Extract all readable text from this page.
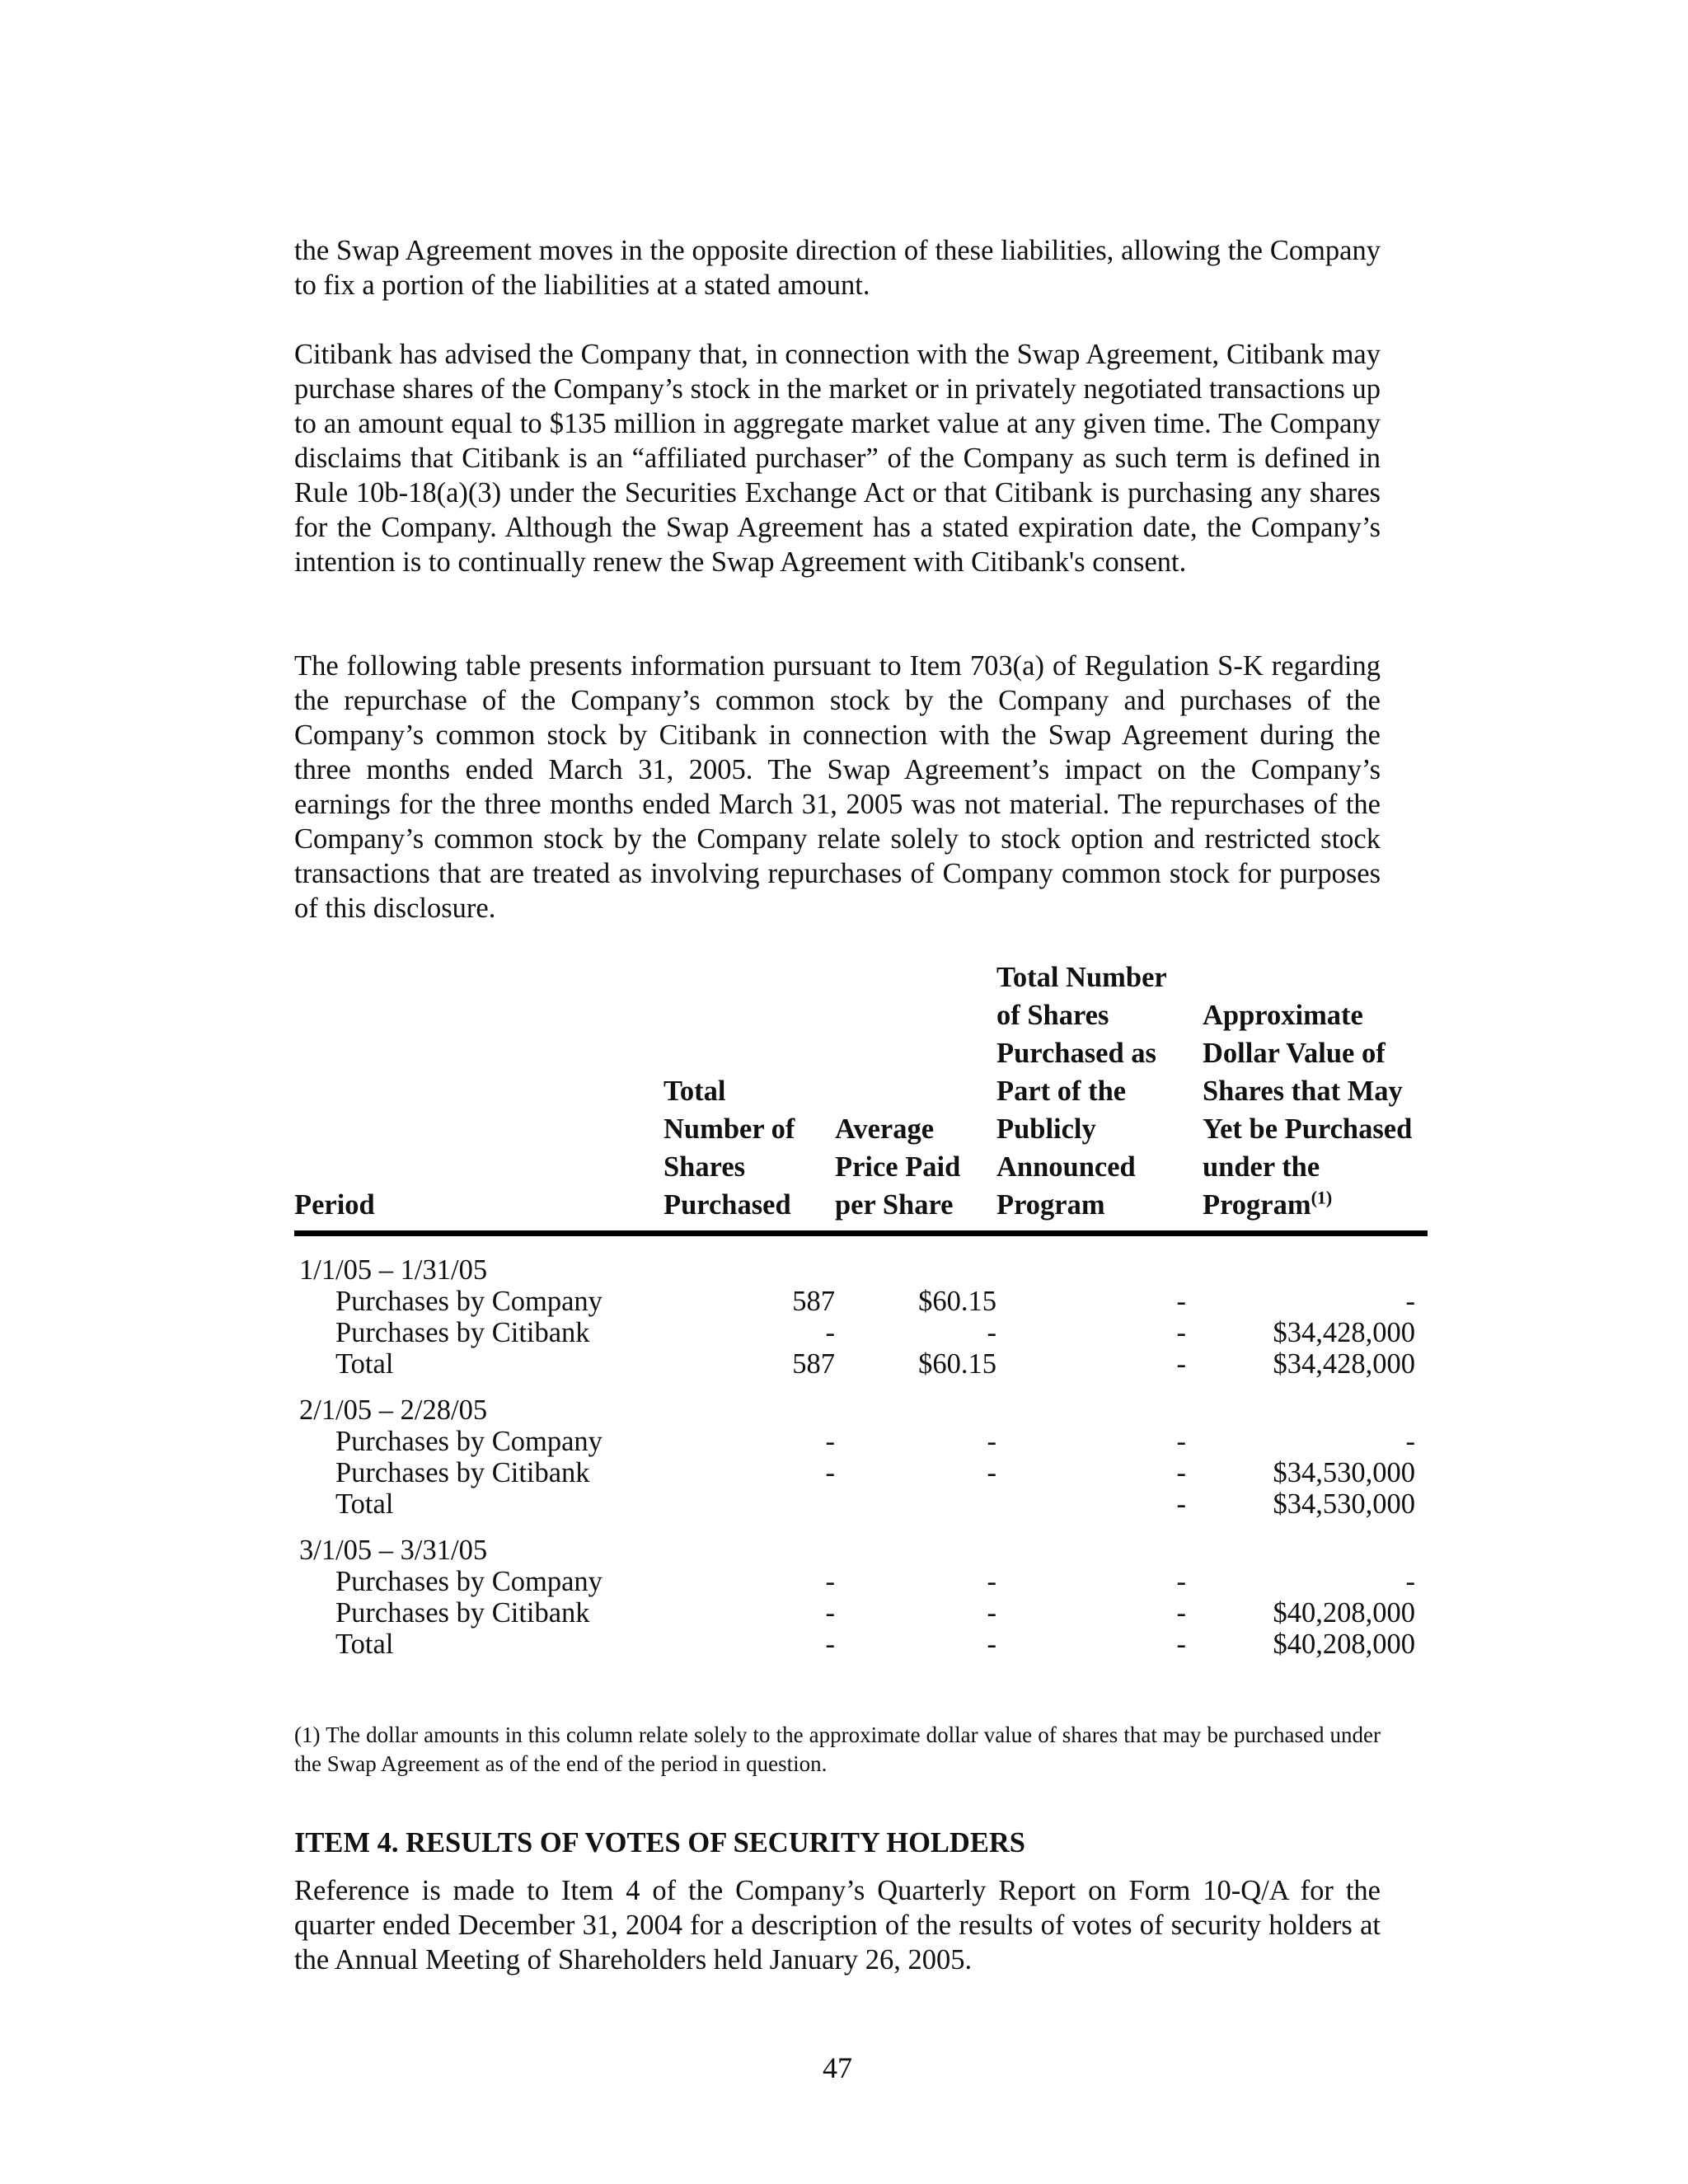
the Swap Agreement moves in the opposite direction of these liabilities, allowing the Company to fix a portion of the liabilities at a stated amount.

Citibank has advised the Company that, in connection with the Swap Agreement, Citibank may purchase shares of the Company’s stock in the market or in privately negotiated transactions up to an amount equal to $135 million in aggregate market value at any given time. The Company disclaims that Citibank is an “affiliated purchaser” of the Company as such term is defined in Rule 10b-18(a)(3) under the Securities Exchange Act or that Citibank is purchasing any shares for the Company. Although the Swap Agreement has a stated expiration date, the Company’s intention is to continually renew the Swap Agreement with Citibank's consent.

The following table presents information pursuant to Item 703(a) of Regulation S-K regarding the repurchase of the Company’s common stock by the Company and purchases of the Company’s common stock by Citibank in connection with the Swap Agreement during the three months ended March 31, 2005. The Swap Agreement’s impact on the Company’s earnings for the three months ended March 31, 2005 was not material. The repurchases of the Company’s common stock by the Company relate solely to stock option and restricted stock transactions that are treated as involving repurchases of Company common stock for purposes of this disclosure.

Period	Total Number of Shares Purchased	Average Price Paid per Share	Total Number of Shares Purchased as Part of the Publicly Announced Program	Approximate Dollar Value of Shares that May Yet be Purchased under the Program$^{(1)}$

1/1/05 – 1/31/05				
Purchases by Company	587	$60.15	-	-
Purchases by Citibank	-	-	-	$34,428,000
Total	587	$60.15	-	$34,428,000

2/1/05 – 2/28/05				
Purchases by Company	-	-	-	-
Purchases by Citibank	-	-	-	$34,530,000
Total			-	$34,530,000

3/1/05 – 3/31/05				
Purchases by Company	-	-	-	-
Purchases by Citibank	-	-	-	$40,208,000
Total	-	-	-	$40,208,000

(1) The dollar amounts in this column relate solely to the approximate dollar value of shares that may be purchased under the Swap Agreement as of the end of the period in question.

ITEM 4. RESULTS OF VOTES OF SECURITY HOLDERS

Reference is made to Item 4 of the Company’s Quarterly Report on Form 10-Q/A for the quarter ended December 31, 2004 for a description of the results of votes of security holders at the Annual Meeting of Shareholders held January 26, 2005.

47
